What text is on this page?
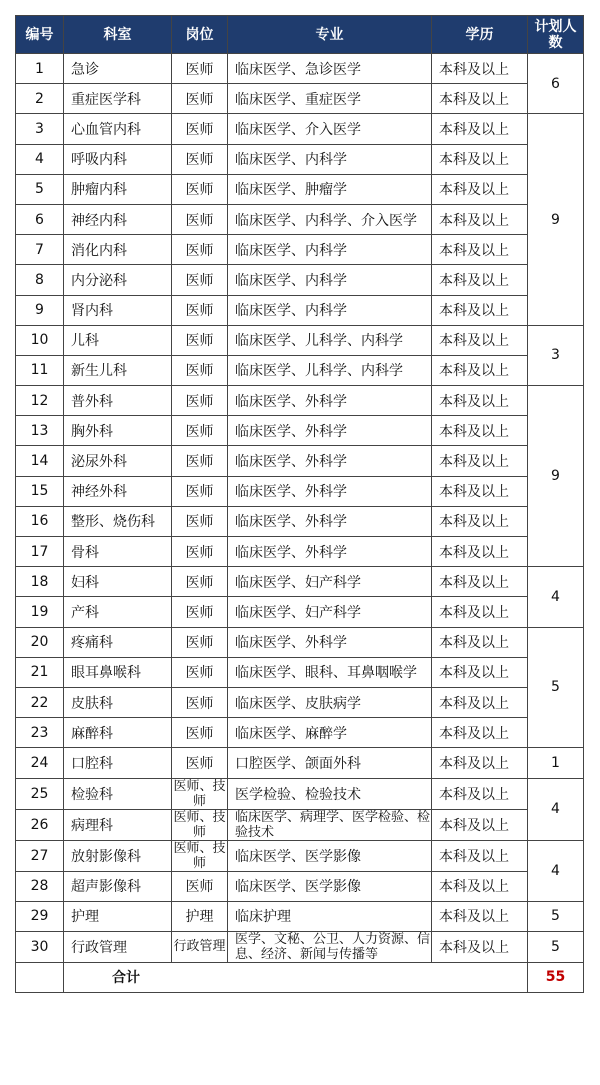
编号	科室	岗位	专业	学历	计划人数
1	急诊	医师	临床医学、急诊医学	本科及以上	6
2	重症医学科	医师	临床医学、重症医学	本科及以上	
3	心血管内科	医师	临床医学、介入医学	本科及以上	9
4	呼吸内科	医师	临床医学、内科学	本科及以上	
5	肿瘤内科	医师	临床医学、肿瘤学	本科及以上	
6	神经内科	医师	临床医学、内科学、介入医学	本科及以上	
7	消化内科	医师	临床医学、内科学	本科及以上	
8	内分泌科	医师	临床医学、内科学	本科及以上	
9	肾内科	医师	临床医学、内科学	本科及以上	
10	儿科	医师	临床医学、儿科学、内科学	本科及以上	3
11	新生儿科	医师	临床医学、儿科学、内科学	本科及以上	
12	普外科	医师	临床医学、外科学	本科及以上	9
13	胸外科	医师	临床医学、外科学	本科及以上	
14	泌尿外科	医师	临床医学、外科学	本科及以上	
15	神经外科	医师	临床医学、外科学	本科及以上	
16	整形、烧伤科	医师	临床医学、外科学	本科及以上	
17	骨科	医师	临床医学、外科学	本科及以上	
18	妇科	医师	临床医学、妇产科学	本科及以上	4
19	产科	医师	临床医学、妇产科学	本科及以上	
20	疼痛科	医师	临床医学、外科学	本科及以上	5
21	眼耳鼻喉科	医师	临床医学、眼科、耳鼻咽喉学	本科及以上	
22	皮肤科	医师	临床医学、皮肤病学	本科及以上	
23	麻醉科	医师	临床医学、麻醉学	本科及以上	
24	口腔科	医师	口腔医学、颌面外科	本科及以上	1
25	检验科	医师、技师	医学检验、检验技术	本科及以上	4
26	病理科	医师、技师	临床医学、病理学、医学检验、检验技术	本科及以上	
27	放射影像科	医师、技师	临床医学、医学影像	本科及以上	4
28	超声影像科	医师	临床医学、医学影像	本科及以上	
29	护理	护理	临床护理	本科及以上	5
30	行政管理	行政管理	医学、文秘、公卫、人力资源、信息、经济、新闻与传播等	本科及以上	5
	合计				55
